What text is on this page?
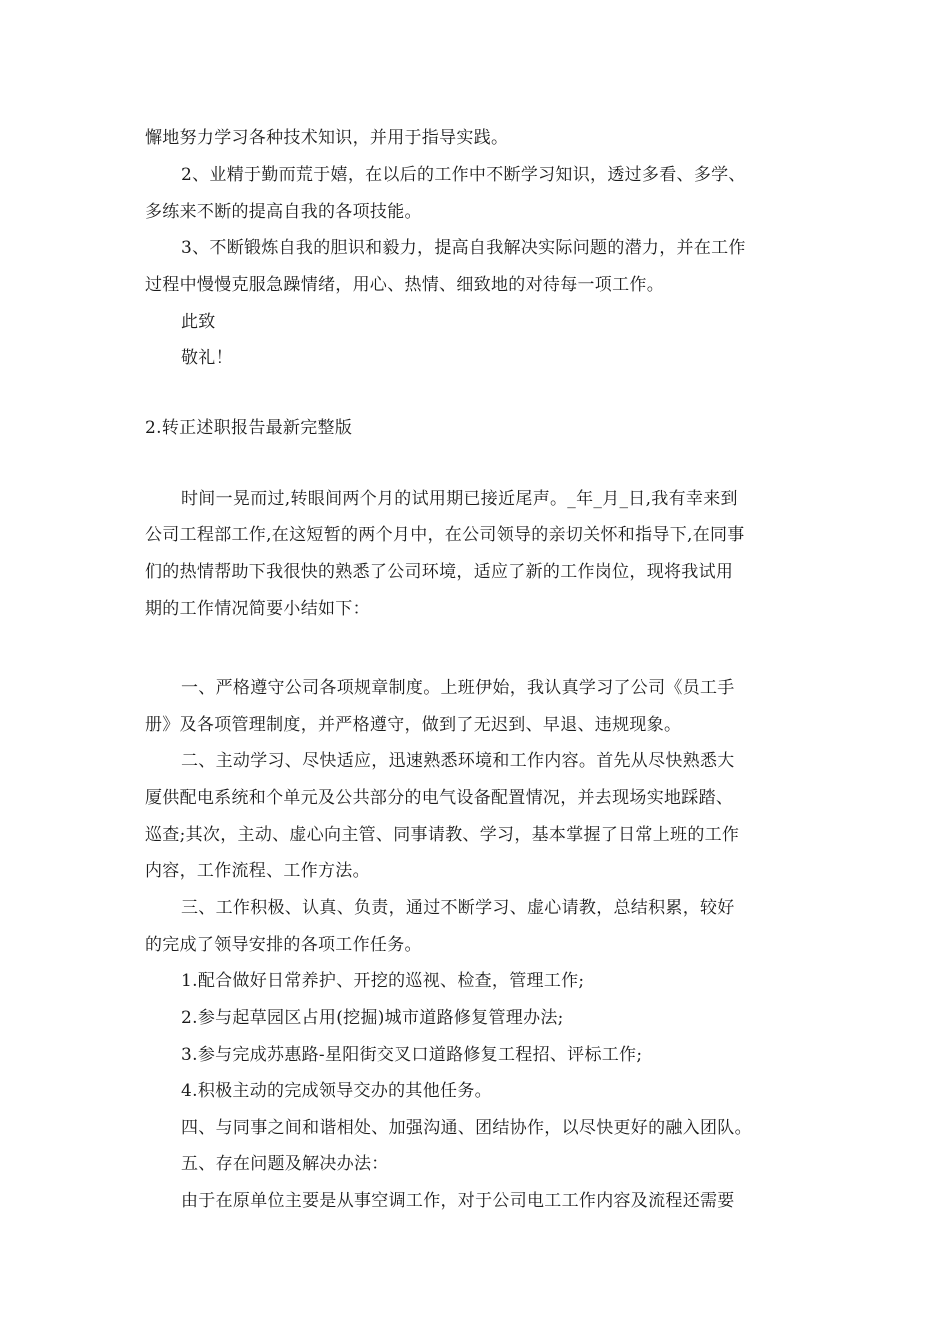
懈地努力学习各种技术知识，并用于指导实践。
2、业精于勤而荒于嬉，在以后的工作中不断学习知识，透过多看、多学、
多练来不断的提高自我的各项技能。
3、不断锻炼自我的胆识和毅力，提高自我解决实际问题的潜力，并在工作
过程中慢慢克服急躁情绪，用心、热情、细致地的对待每一项工作。
此致
敬礼！
2.转正述职报告最新完整版
时间一晃而过,转眼间两个月的试用期已接近尾声。_年_月_日,我有幸来到
公司工程部工作,在这短暂的两个月中，在公司领导的亲切关怀和指导下,在同事
们的热情帮助下我很快的熟悉了公司环境，适应了新的工作岗位，现将我试用
期的工作情况简要小结如下：
一、严格遵守公司各项规章制度。上班伊始，我认真学习了公司《员工手
册》及各项管理制度，并严格遵守，做到了无迟到、早退、违规现象。
二、主动学习、尽快适应，迅速熟悉环境和工作内容。首先从尽快熟悉大
厦供配电系统和个单元及公共部分的电气设备配置情况，并去现场实地踩踏、
巡查;其次，主动、虚心向主管、同事请教、学习，基本掌握了日常上班的工作
内容，工作流程、工作方法。
三、工作积极、认真、负责，通过不断学习、虚心请教，总结积累，较好
的完成了领导安排的各项工作任务。
1.配合做好日常养护、开挖的巡视、检查，管理工作;
2.参与起草园区占用(挖掘)城市道路修复管理办法;
3.参与完成苏惠路-星阳街交叉口道路修复工程招、评标工作;
4.积极主动的完成领导交办的其他任务。
四、与同事之间和谐相处、加强沟通、团结协作，以尽快更好的融入团队。
五、存在问题及解决办法：
由于在原单位主要是从事空调工作，对于公司电工工作内容及流程还需要
